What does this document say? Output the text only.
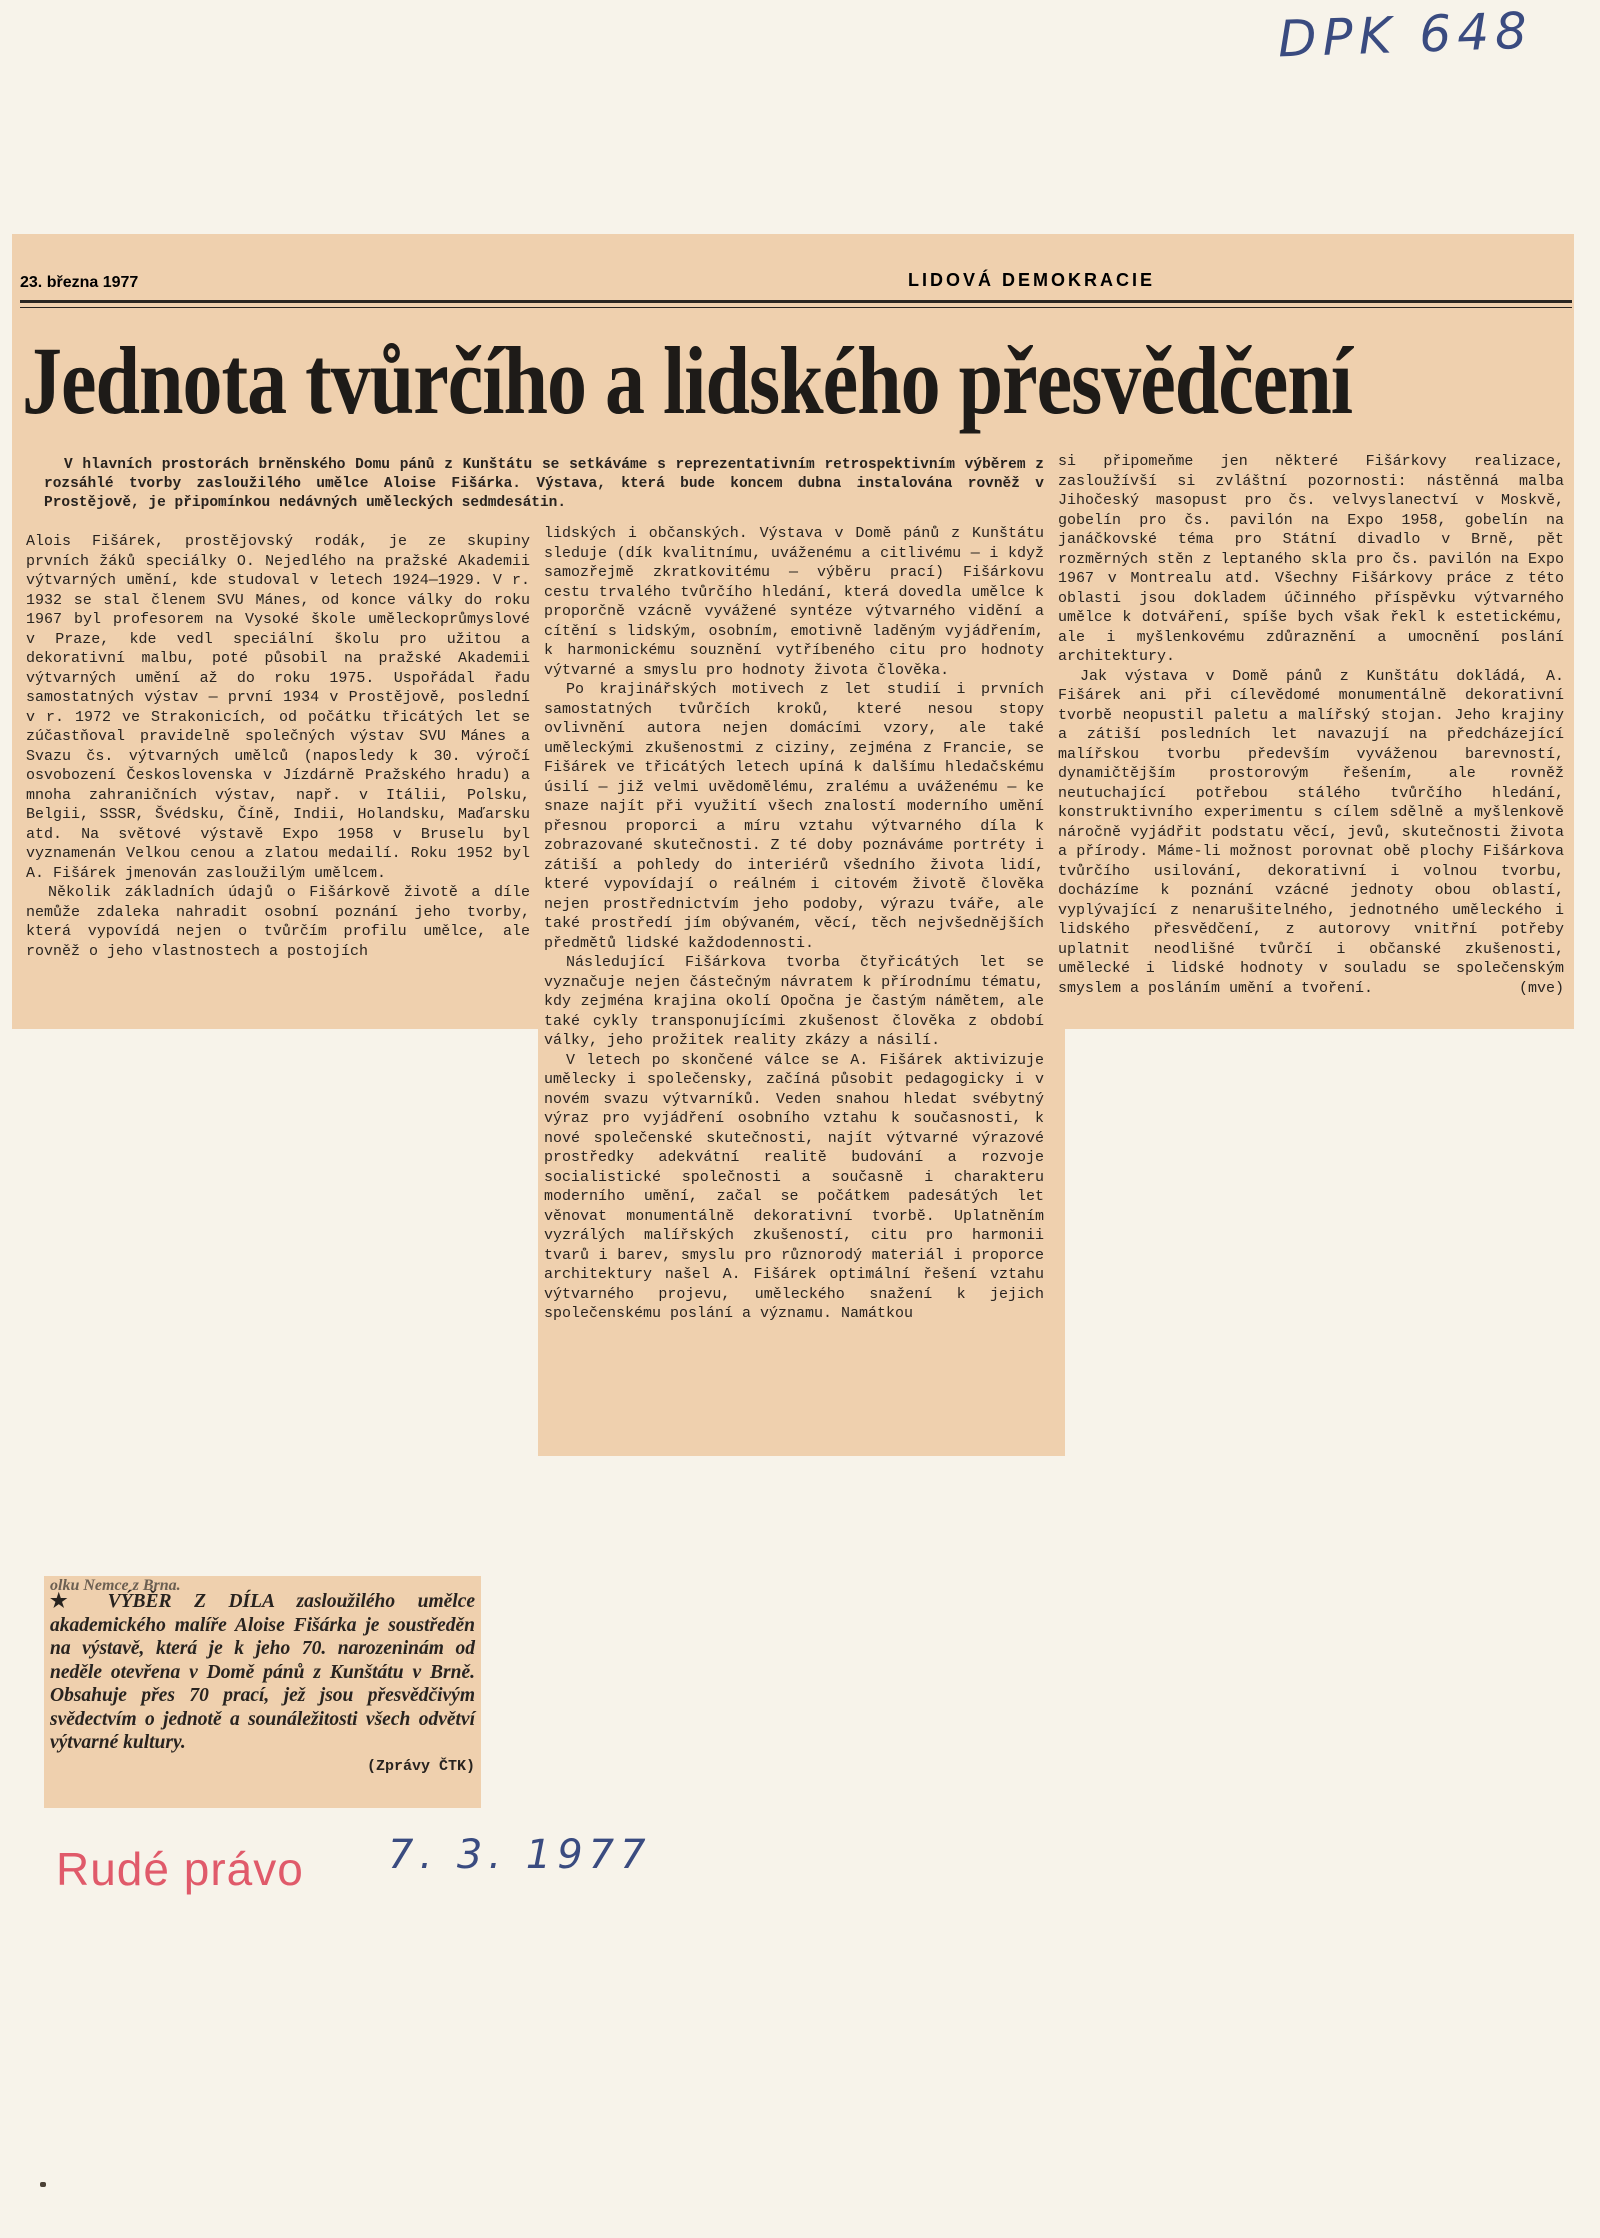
DPK 648
23. března 1977	LIDOVÁ DEMOKRACIE
Jednota tvůrčího a lidského přesvědčení
V hlavních prostorách brněnského Domu pánů z Kunštátu se setkáváme s reprezentativním retrospektivním výběrem z rozsáhlé tvorby zasloužilého umělce Aloise Fišárka. Výstava, která bude koncem dubna instalována rovněž v Prostějově, je připomínkou nedávných uměleckých sedmdesátin.

Alois Fišárek, prostějovský rodák, je ze skupiny prvních žáků speciálky O. Nejedlého na pražské Akademii výtvarných umění, kde studoval v letech 1924—1929. V r. 1932 se stal členem SVU Mánes, od konce války do roku 1967 byl profesorem na Vysoké škole uměleckoprůmyslové v Praze, kde vedl speciální školu pro užitou a dekorativní malbu, poté působil na pražské Akademii výtvarných umění až do roku 1975. Uspořádal řadu samostatných výstav — první 1934 v Prostějově, poslední v r. 1972 ve Strakonicích, od počátku třicátých let se zúčastňoval pravidelně společných výstav SVU Mánes a Svazu čs. výtvarných umělců (naposledy k 30. výročí osvobození Československa v Jízdárně Pražského hradu) a mnoha zahraničních výstav, např. v Itálii, Polsku, Belgii, SSSR, Švédsku, Číně, Indii, Holandsku, Maďarsku atd. Na světové výstavě Expo 1958 v Bruselu byl vyznamenán Velkou cenou a zlatou medailí. Roku 1952 byl A. Fišárek jmenován zasloužilým umělcem.

Několik základních údajů o Fišárkově životě a díle nemůže zdaleka nahradit osobní poznání jeho tvorby, která vypovídá nejen o tvůrčím profilu umělce, ale rovněž o jeho vlastnostech a postojích

lidských i občanských. Výstava v Domě pánů z Kunštátu sleduje (dík kvalitnímu, uváženému a citlivému — i když samozřejmě zkratkovitému — výběru prací) Fišárkovu cestu trvalého tvůrčího hledání, která dovedla umělce k proporčně vzácně vyvážené syntéze výtvarného vidění a cítění s lidským, osobním, emotivně laděným vyjádřením, k harmonickému souznění vytříbeného citu pro hodnoty výtvarné a smyslu pro hodnoty života člověka.

Po krajinářských motivech z let studií i prvních samostatných tvůrčích kroků, které nesou stopy ovlivnění autora nejen domácími vzory, ale také uměleckými zkušenostmi z ciziny, zejména z Francie, se Fišárek ve třicátých letech upíná k dalšímu hledačskému úsilí — již velmi uvědomělému, zralému a uváženému — ke snaze najít při využití všech znalostí moderního umění přesnou proporci a míru vztahu výtvarného díla k zobrazované skutečnosti. Z té doby poznáváme portréty i zátiší a pohledy do interiérů všedního života lidí, které vypovídají o reálném i citovém životě člověka nejen prostřednictvím jeho podoby, výrazu tváře, ale také prostředí jím obývaném, věcí, těch nejvšednějších předmětů lidské každodennosti.

Následující Fišárkova tvorba čtyřicátých let se vyznačuje nejen částečným návratem k přírodnímu tématu, kdy zejména krajina okolí Opočna je častým námětem, ale také cykly transponujícími zkušenost člověka z období války, jeho prožitek reality zkázy a násilí.

V letech po skončené válce se A. Fišárek aktivizuje umělecky i společensky, začíná působit pedagogicky i v novém svazu výtvarníků. Veden snahou hledat svébytný výraz pro vyjádření osobního vztahu k současnosti, k nové společenské skutečnosti, najít výtvarné výrazové prostředky adekvátní realitě budování a rozvoje socialistické společnosti a současně i charakteru moderního umění, začal se počátkem padesátých let věnovat monumentálně dekorativní tvorbě. Uplatněním vyzrálých malířských zkušeností, citu pro harmonii tvarů i barev, smyslu pro různorodý materiál i proporce architektury našel A. Fišárek optimální řešení vztahu výtvarného projevu, uměleckého snažení k jejich společenskému poslání a významu. Namátkou

si připomeňme jen některé Fišárkovy realizace, zasloužívší si zvláštní pozornosti: nástěnná malba Jihočeský masopust pro čs. velvyslanectví v Moskvě, gobelín pro čs. pavilón na Expo 1958, gobelín na janáčkovské téma pro Státní divadlo v Brně, pět rozměrných stěn z leptaného skla pro čs. pavilón na Expo 1967 v Montrealu atd. Všechny Fišárkovy práce z této oblasti jsou dokladem účinného příspěvku výtvarného umělce k dotváření, spíše bych však řekl k estetickému, ale i myšlenkovému zdůraznění a umocnění poslání architektury.

Jak výstava v Domě pánů z Kunštátu dokládá, A. Fišárek ani při cílevědomé monumentálně dekorativní tvorbě neopustil paletu a malířský stojan. Jeho krajiny a zátiší posledních let navazují na předcházející malířskou tvorbu především vyváženou barevností, dynamičtějším prostorovým řešením, ale rovněž neutuchající potřebou stálého tvůrčího hledání, konstruktivního experimentu s cílem sdělně a myšlenkově náročně vyjádřit podstatu věcí, jevů, skutečnosti života a přírody. Máme-li možnost porovnat obě plochy Fišárkova tvůrčího usilování, dekorativní i volnou tvorbu, docházíme k poznání vzácné jednoty obou oblastí, vyplývající z nenarušitelného, jednotného uměleckého i lidského přesvědčení, z autorovy vnitřní potřeby uplatnit neodlišné tvůrčí i občanské zkušenosti, umělecké i lidské hodnoty v souladu se společenským smyslem a posláním umění a tvoření.	(mve)

olku Nemce z Brna.
★ VÝBĚR Z DÍLA zasloužilého umělce akademického malíře Aloise Fišárka je soustředěn na výstavě, která je k jeho 70. narozeninám od neděle otevřena v Domě pánů z Kunštátu v Brně. Obsahuje přes 70 prací, jež jsou přesvědčivým svědectvím o jednotě a sounáležitosti všech odvětví výtvarné kultury.
(Zprávy ČTK)
Rudé právo 7. 3. 1977
